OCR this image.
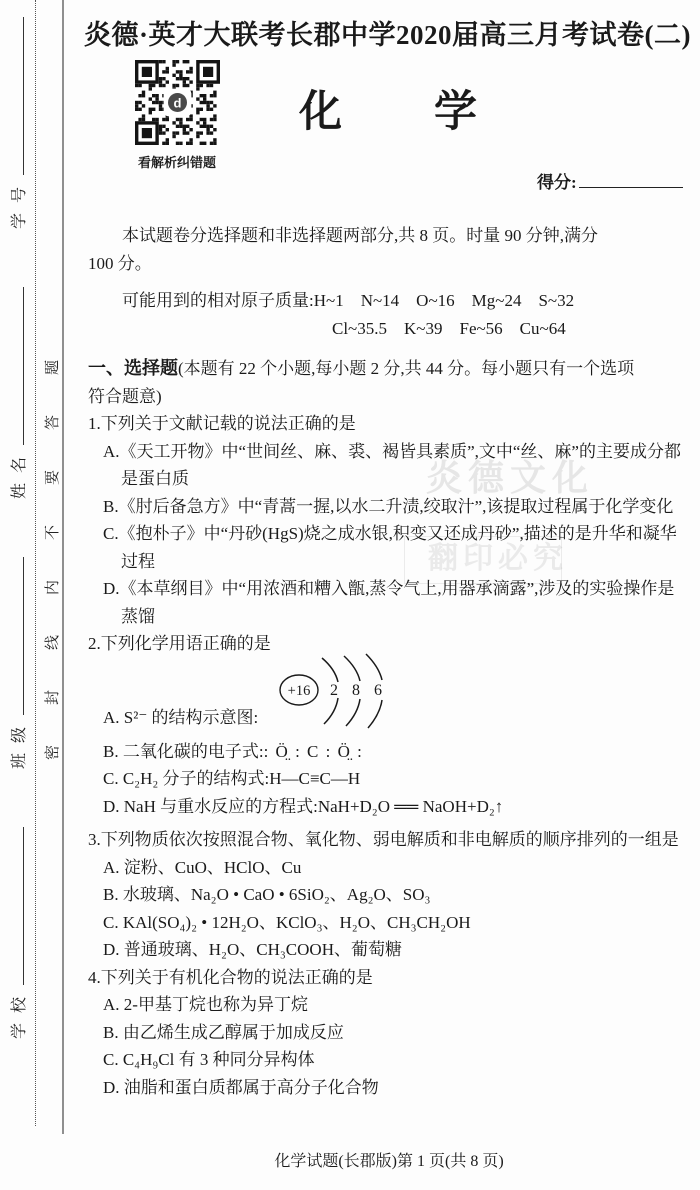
学校班级姓名学号
密封线内不要答题
炎德·英才大联考长郡中学2020届高三月考试卷(二)
d
看解析纠错题
化　　学
得分:
炎德文化
翻印必究
本试题卷分选择题和非选择题两部分,共 8 页。时量 90 分钟,满分
100 分。
可能用到的相对原子质量:H~1　N~14　O~16　Mg~24　S~32
Cl~35.5　K~39　Fe~56　Cu~64
一、选择题(本题有 22 个小题,每小题 2 分,共 44 分。每小题只有一个选项
符合题意)
1.下列关于文献记载的说法正确的是
A.《天工开物》中“世间丝、麻、裘、褐皆具素质”,文中“丝、麻”的主要成分都是蛋白质
B.《肘后备急方》中“青蒿一握,以水二升渍,绞取汁”,该提取过程属于化学变化
C.《抱朴子》中“丹砂(HgS)烧之成水银,积变又还成丹砂”,描述的是升华和凝华过程
D.《本草纲目》中“用浓酒和糟入甑,蒸令气上,用器承滴露”,涉及的实验操作是蒸馏
2.下列化学用语正确的是
A. S²⁻ 的结构示意图:
+16 2 8 6
B. 二氧化碳的电子式:: Ö̤ : C : Ö̤ :
C. C₂H₂ 分子的结构式:H—C≡C—H
D. NaH 与重水反应的方程式:NaH+D₂O ══ NaOH+D₂↑
3.下列物质依次按照混合物、氧化物、弱电解质和非电解质的顺序排列的一组是
A. 淀粉、CuO、HClO、Cu
B. 水玻璃、Na₂O • CaO • 6SiO₂、Ag₂O、SO₃
C. KAl(SO₄)₂ • 12H₂O、KClO₃、H₂O、CH₃CH₂OH
D. 普通玻璃、H₂O、CH₃COOH、葡萄糖
4.下列关于有机化合物的说法正确的是
A. 2-甲基丁烷也称为异丁烷
B. 由乙烯生成乙醇属于加成反应
C. C₄H₉Cl 有 3 种同分异构体
D. 油脂和蛋白质都属于高分子化合物
化学试题(长郡版)第 1 页(共 8 页)
